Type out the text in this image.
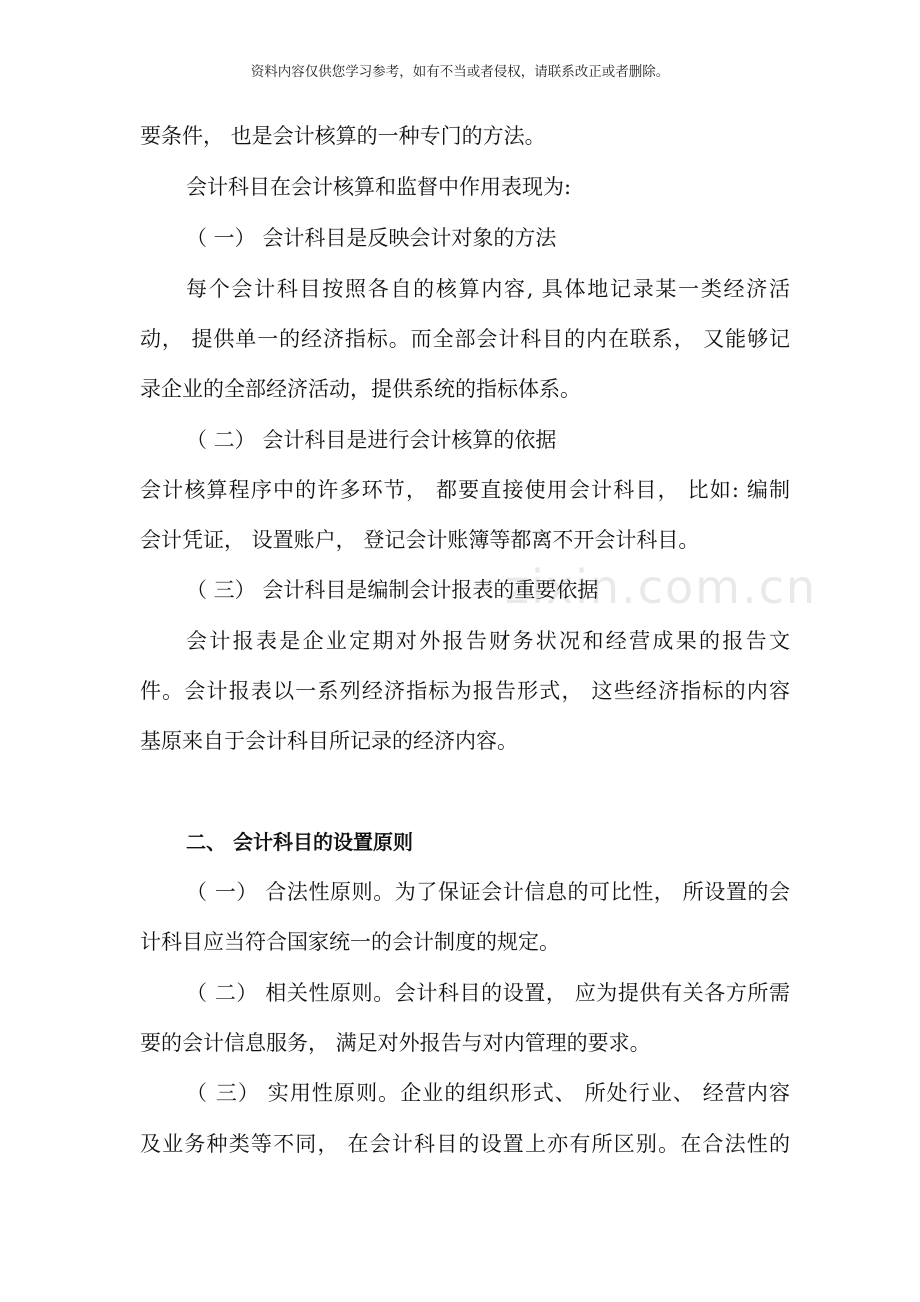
资料内容仅供您学习参考，如有不当或者侵权，请联系改正或者删除。
zixin.com.cn
要条件， 也是会计核算的一种专门的方法。
会计科目在会计核算和监督中作用表现为:
（ 一） 会计科目是反映会计对象的方法
每个会计科目按照各自的核算内容, 具体地记录某一类经济活
动， 提供单一的经济指标。而全部会计科目的内在联系， 又能够记
录企业的全部经济活动，提供系统的指标体系。
（ 二） 会计科目是进行会计核算的依据
会计核算程序中的许多环节， 都要直接使用会计科目， 比如: 编制
会计凭证， 设置账户， 登记会计账簿等都离不开会计科目。
（ 三） 会计科目是编制会计报表的重要依据
会计报表是企业定期对外报告财务状况和经营成果的报告文
件。会计报表以一系列经济指标为报告形式， 这些经济指标的内容
基原来自于会计科目所记录的经济内容。
二、 会计科目的设置原则
（ 一） 合法性原则。为了保证会计信息的可比性， 所设置的会
计科目应当符合国家统一的会计制度的规定。
（ 二） 相关性原则。会计科目的设置， 应为提供有关各方所需
要的会计信息服务， 满足对外报告与对内管理的要求。
（ 三） 实用性原则。企业的组织形式、 所处行业、 经营内容
及业务种类等不同， 在会计科目的设置上亦有所区别。在合法性的
